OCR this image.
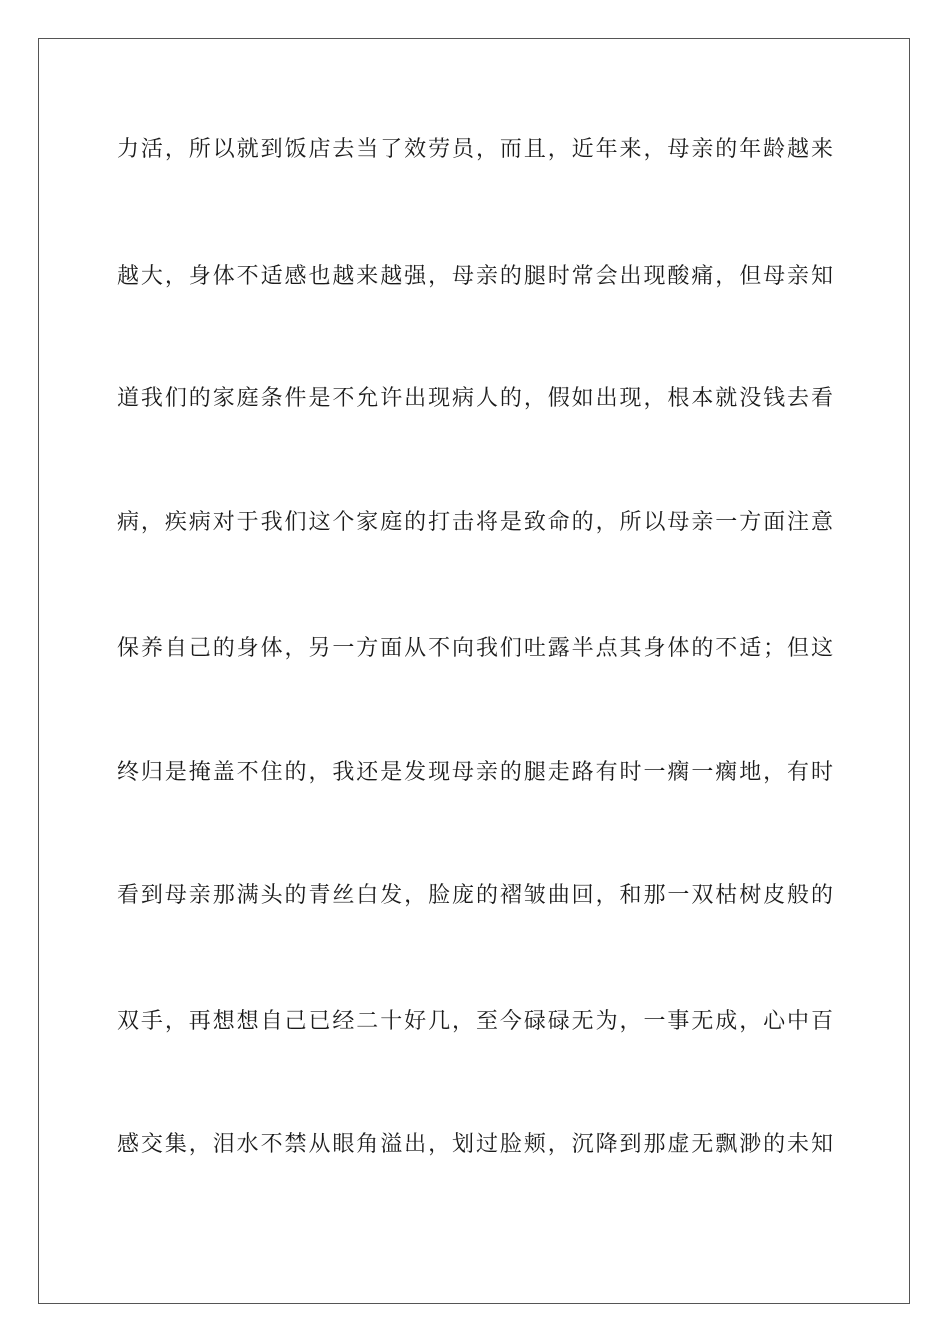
力活，所以就到饭店去当了效劳员，而且，近年来，母亲的年龄越来
越大，身体不适感也越来越强，母亲的腿时常会出现酸痛，但母亲知
道我们的家庭条件是不允许出现病人的，假如出现，根本就没钱去看
病，疾病对于我们这个家庭的打击将是致命的，所以母亲一方面注意
保养自己的身体，另一方面从不向我们吐露半点其身体的不适；但这
终归是掩盖不住的，我还是发现母亲的腿走路有时一瘸一瘸地，有时
看到母亲那满头的青丝白发，脸庞的褶皱曲回，和那一双枯树皮般的
双手，再想想自己已经二十好几，至今碌碌无为，一事无成，心中百
感交集，泪水不禁从眼角溢出，划过脸颊，沉降到那虚无飘渺的未知
